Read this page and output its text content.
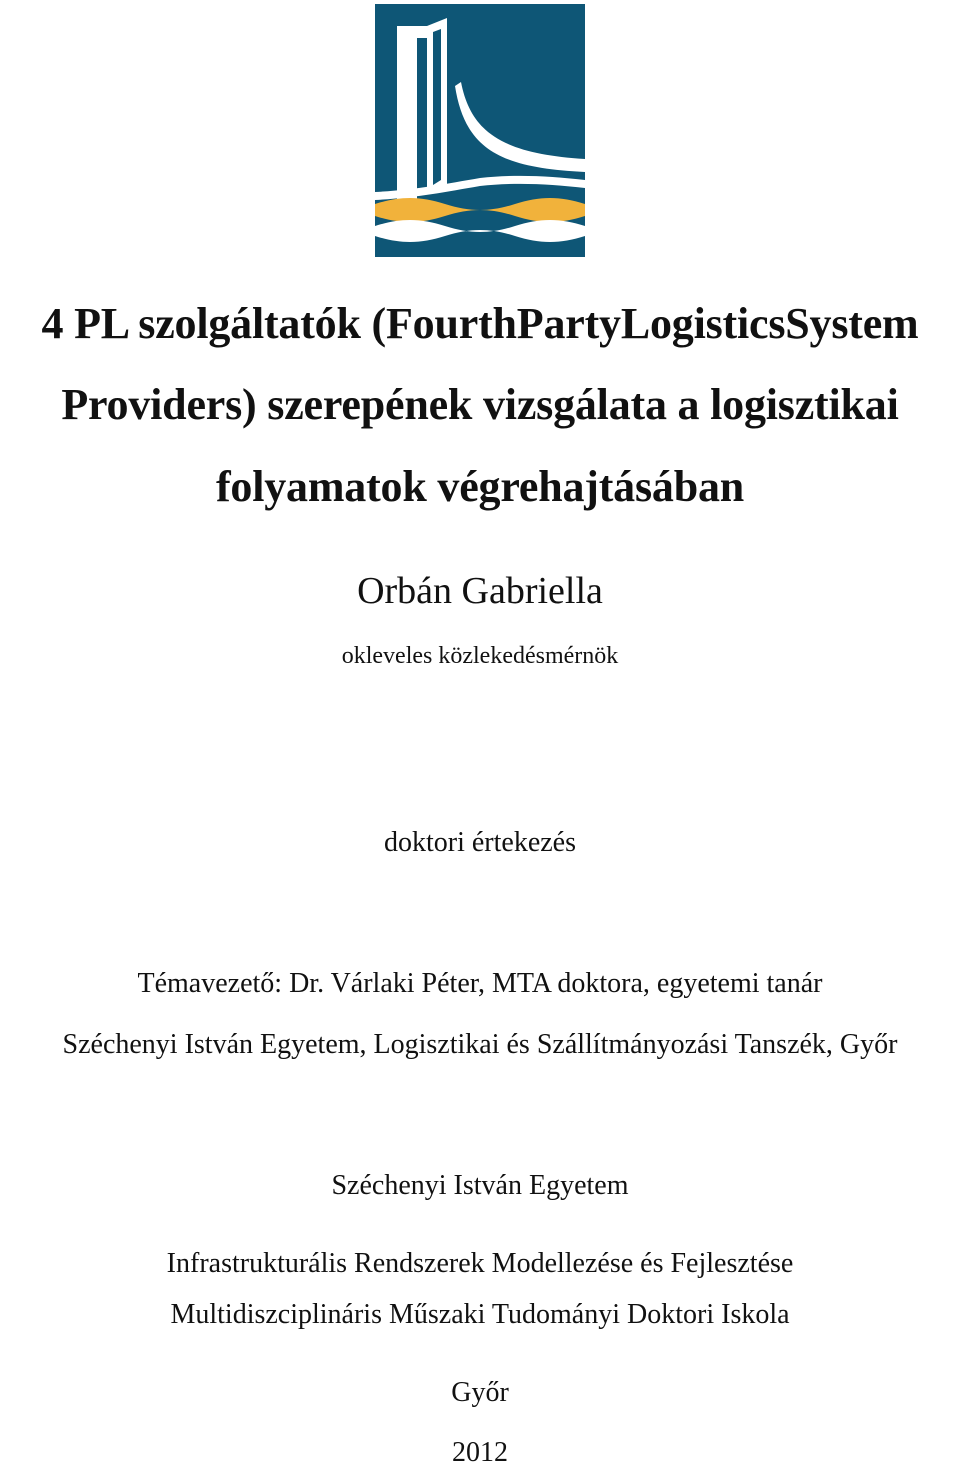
4 PL szolgáltatók (FourthPartyLogisticsSystem
Providers) szerepének vizsgálata a logisztikai
folyamatok végrehajtásában
Orbán Gabriella
okleveles közlekedésmérnök
doktori értekezés
Témavezető: Dr. Várlaki Péter, MTA doktora, egyetemi tanár
Széchenyi István Egyetem, Logisztikai és Szállítmányozási Tanszék, Győr
Széchenyi István Egyetem
Infrastrukturális Rendszerek Modellezése és Fejlesztése
Multidiszciplináris Műszaki Tudományi Doktori Iskola
Győr
2012
